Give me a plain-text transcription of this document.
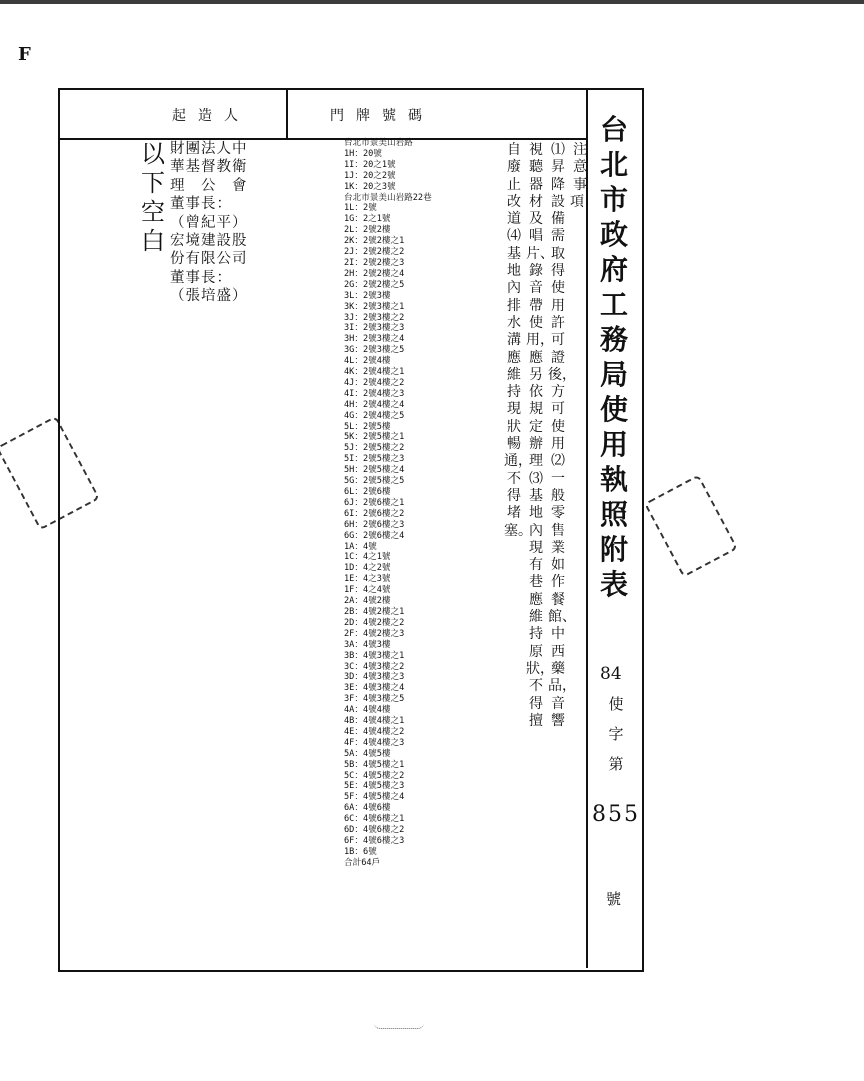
F
起造人	門牌號碼
以下空白
財團法人中
華基督教衛
理　公　會
董事長：
（曾紀平）
宏境建設股
份有限公司
董事長：
（張培盛）
台北市景美山岩路
1H：20號
1I：20之1號
1J：20之2號
1K：20之3號
台北市景美山岩路22巷
1L：2號
1G：2之1號
2L：2號2樓
2K：2號2樓之1
2J：2號2樓之2
2I：2號2樓之3
2H：2號2樓之4
2G：2號2樓之5
3L：2號3樓
3K：2號3樓之1
3J：2號3樓之2
3I：2號3樓之3
3H：2號3樓之4
3G：2號3樓之5
4L：2號4樓
4K：2號4樓之1
4J：2號4樓之2
4I：2號4樓之3
4H：2號4樓之4
4G：2號4樓之5
5L：2號5樓
5K：2號5樓之1
5J：2號5樓之2
5I：2號5樓之3
5H：2號5樓之4
5G：2號5樓之5
6L：2號6樓
6J：2號6樓之1
6I：2號6樓之2
6H：2號6樓之3
6G：2號6樓之4
1A：4號
1C：4之1號
1D：4之2號
1E：4之3號
1F：4之4號
2A：4號2樓
2B：4號2樓之1
2D：4號2樓之2
2F：4號2樓之3
3A：4號3樓
3B：4號3樓之1
3C：4號3樓之2
3D：4號3樓之3
3E：4號3樓之4
3F：4號3樓之5
4A：4號4樓
4B：4號4樓之1
4E：4號4樓之2
4F：4號4樓之3
5A：4號5樓
5B：4號5樓之1
5C：4號5樓之2
5E：4號5樓之3
5F：4號5樓之4
6A：4號6樓
6C：4號6樓之1
6D：4號6樓之2
6F：4號6樓之3
1B：6號
合計64戶
注意事項：
⑴昇降設備需取得使用許可證後，方可使用⑵一般零售業如作餐館、中西藥品，音響
視聽器材及唱片、錄音帶使用，應另依規定辦理⑶基地內現有巷應維持原狀，不得擅
自廢止改道⑷基地內排水溝應維持現狀暢通，不得堵塞。
台北市政府工務局使用執照附表
84
使
字
第
855
號
